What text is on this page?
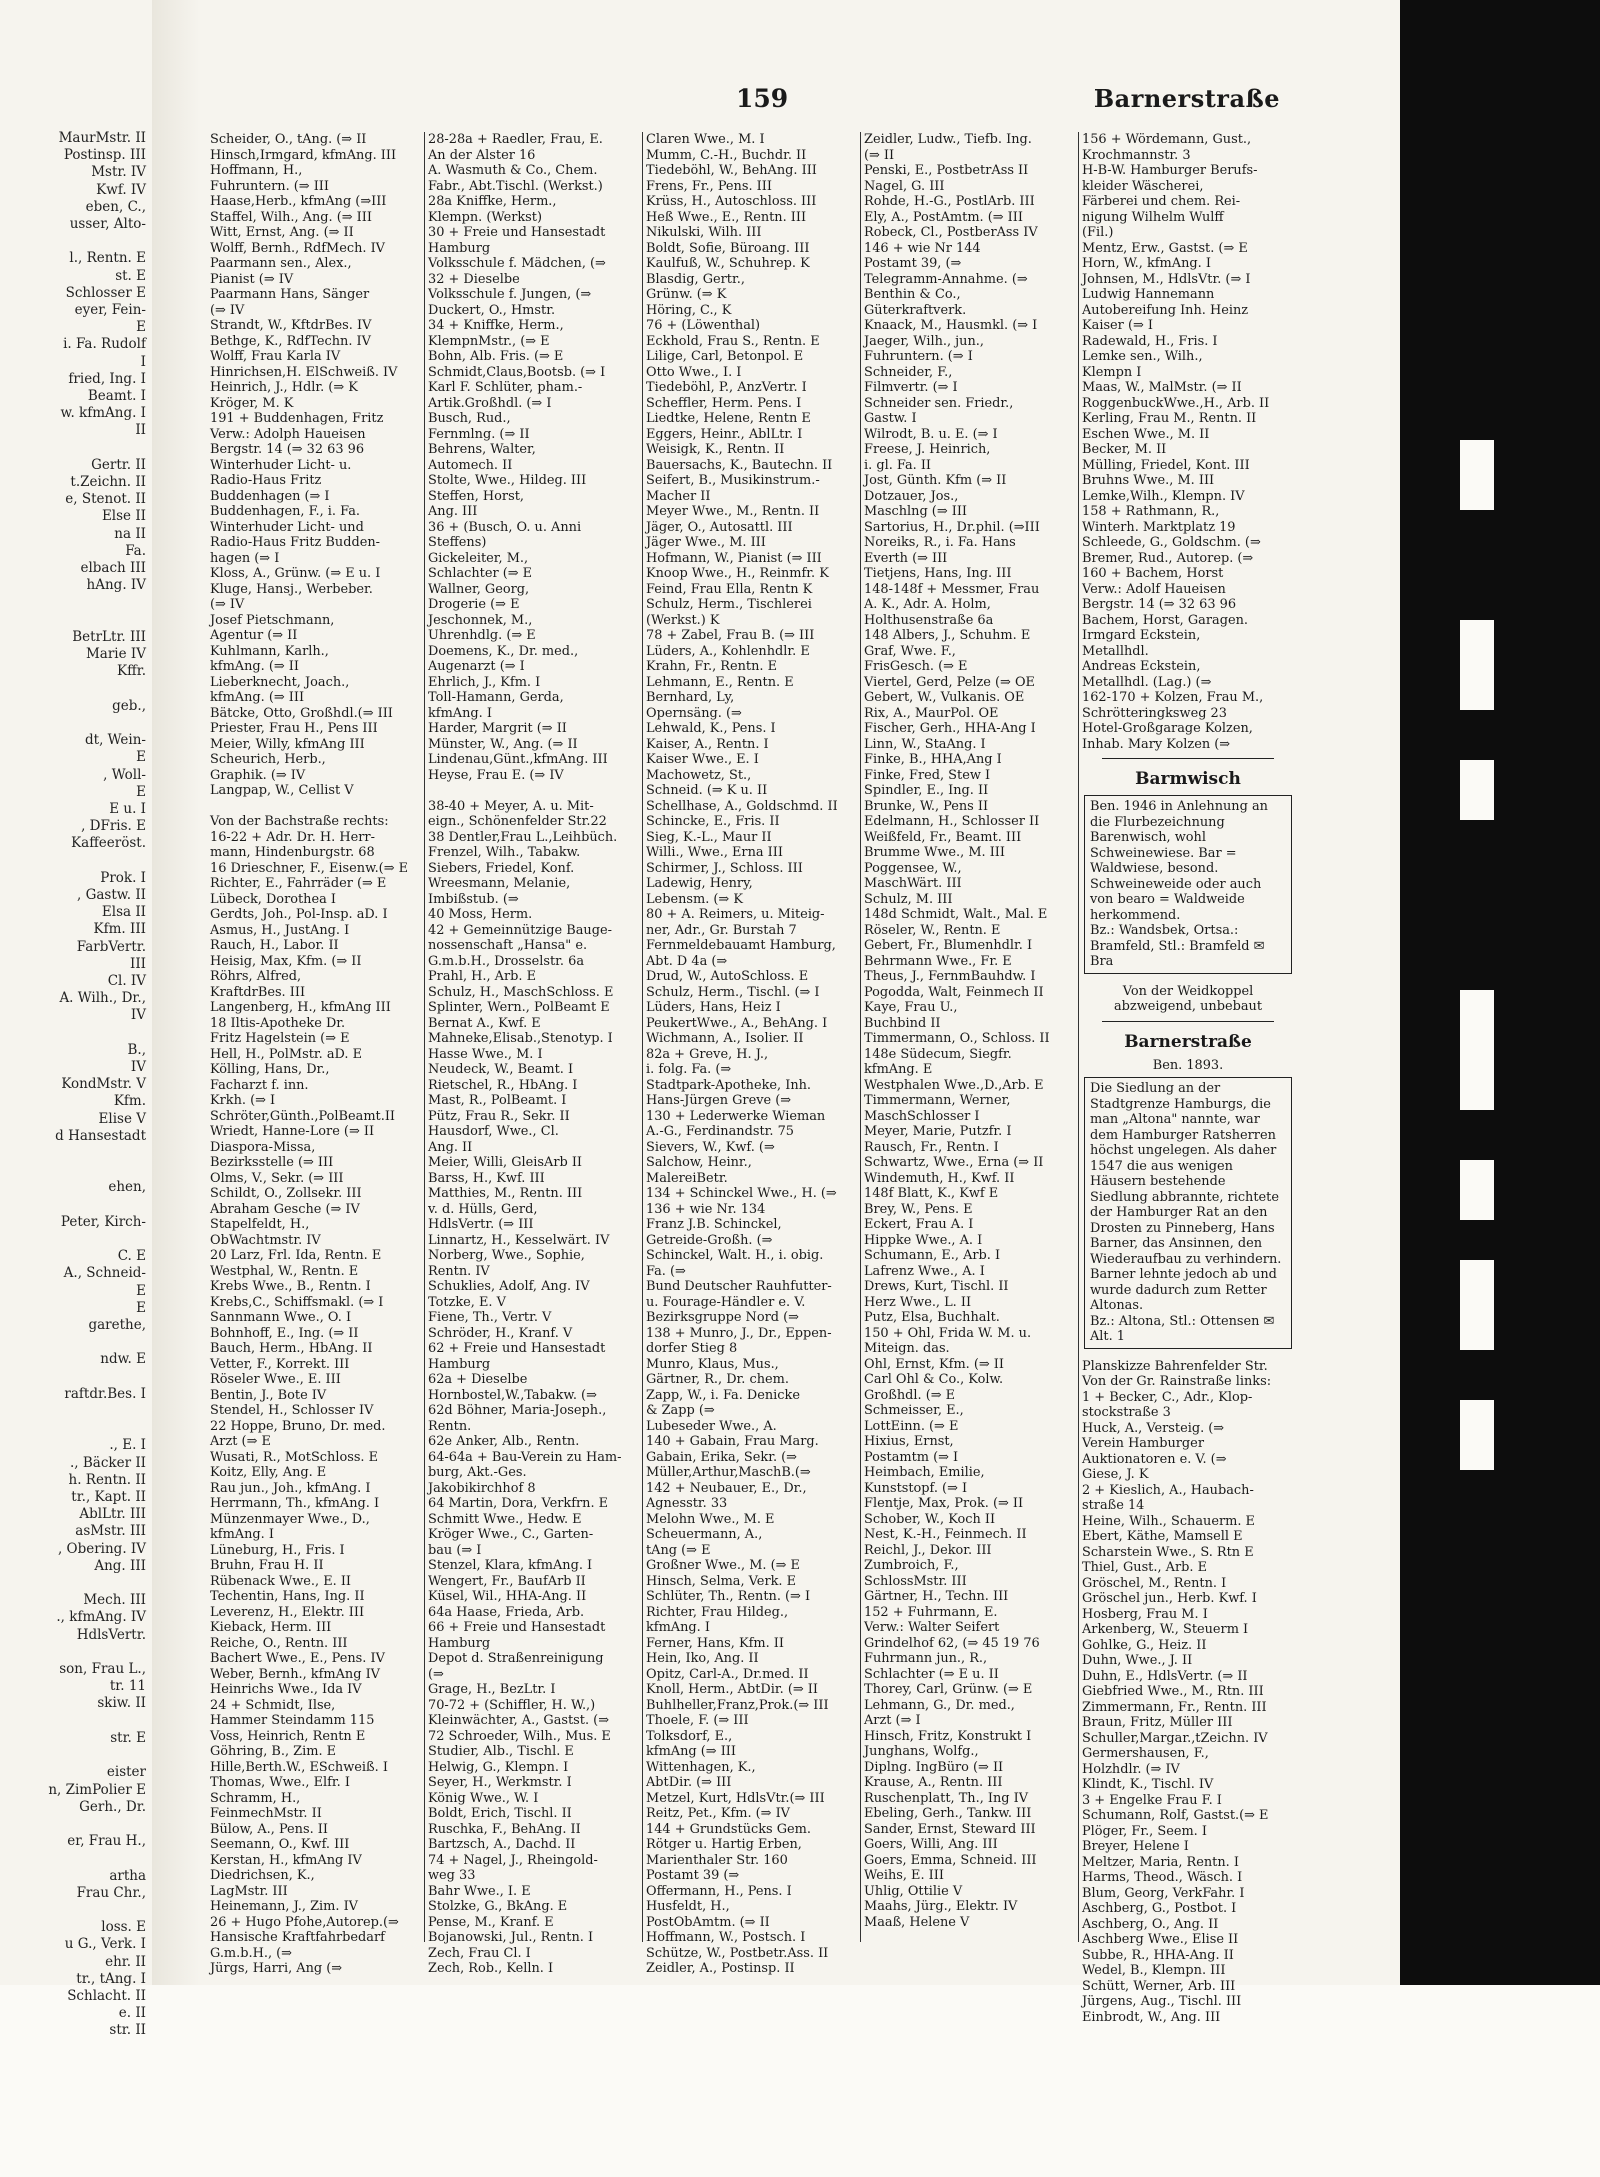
MaurMstr. II
Postinsp. III
Mstr. IV
Kwf. IV
eben, C.,
usser, Alto-

l., Rentn. E
st. E
Schlosser E
eyer, Fein-
E
i. Fa. Rudolf
I
fried, Ing. I
Beamt. I
w. kfmAng. I
II

Gertr. II
t.Zeichn. II
e, Stenot. II
Else II
na II
Fa.
elbach III
hAng. IV

BetrLtr. III
Marie IV
Kffr.

geb.,

dt, Wein-
E
, Woll-
E
E u. I
, DFris. E
Kaffeeröst.

Prok. I
, Gastw. II
Elsa II
Kfm. III
FarbVertr.
III
Cl. IV
A. Wilh., Dr.,
IV

B.,
IV
KondMstr. V
Kfm.
Elise V
d Hansestadt

ehen,

Peter, Kirch-

C. E
A., Schneid-
E
E
garethe,

ndw. E

raftdr.Bes. I

., E. I
., Bäcker II
h. Rentn. II
tr., Kapt. II
AblLtr. III
asMstr. III
, Obering. IV
Ang. III

Mech. III
., kfmAng. IV
HdlsVertr.

son, Frau L.,
tr. 11
skiw. II

str. E

eister
n, ZimPolier E
Gerh., Dr.

er, Frau H.,

artha
Frau Chr.,

loss. E
u G., Verk. I
ehr. II
tr., tAng. I
Schlacht. II
e. II
str. II
159	Barnerstraße
Scheider, O., tAng. (⇒ II
Hinsch,Irmgard, kfmAng. III
Hoffmann, H.,
Fuhruntern. (⇒ III
Haase,Herb., kfmAng (⇒III
Staffel, Wilh., Ang. (⇒ III
Witt, Ernst, Ang. (⇒ II
Wolff, Bernh., RdfMech. IV
Paarmann sen., Alex.,
Pianist (⇒ IV
Paarmann Hans, Sänger
(⇒ IV
Strandt, W., KftdrBes. IV
Bethge, K., RdfTechn. IV
Wolff, Frau Karla IV
Hinrichsen,H. ElSchweiß. IV
Heinrich, J., Hdlr. (⇒ K
Kröger, M. K
191 + Buddenhagen, Fritz
Verw.: Adolph Haueisen
Bergstr. 14 (⇒ 32 63 96
Winterhuder Licht- u.
Radio-Haus Fritz
Buddenhagen (⇒ I
Buddenhagen, F., i. Fa.
Winterhuder Licht- und
Radio-Haus Fritz Budden-
hagen (⇒ I
Kloss, A., Grünw. (⇒ E u. I
Kluge, Hansj., Werbeber.
(⇒ IV
Josef Pietschmann,
Agentur (⇒ II
Kuhlmann, Karlh.,
kfmAng. (⇒ II
Lieberknecht, Joach.,
kfmAng. (⇒ III
Bätcke, Otto, Großhdl.(⇒ III
Priester, Frau H., Pens III
Meier, Willy, kfmAng III
Scheurich, Herb.,
Graphik. (⇒ IV
Langpap, W., Cellist V

Von der Bachstraße rechts:
16-22 + Adr. Dr. H. Herr-
mann, Hindenburgstr. 68
16 Drieschner, F., Eisenw.(⇒ E
Richter, E., Fahrräder (⇒ E
Lübeck, Dorothea I
Gerdts, Joh., Pol-Insp. aD. I
Asmus, H., JustAng. I
Rauch, H., Labor. II
Heisig, Max, Kfm. (⇒ II
Röhrs, Alfred,
KraftdrBes. III
Langenberg, H., kfmAng III
18 Iltis-Apotheke Dr.
Fritz Hagelstein (⇒ E
Hell, H., PolMstr. aD. E
Kölling, Hans, Dr.,
Facharzt f. inn.
Krkh. (⇒ I
Schröter,Günth.,PolBeamt.II
Wriedt, Hanne-Lore (⇒ II
Diaspora-Missa,
Bezirksstelle (⇒ III
Olms, V., Sekr. (⇒ III
Schildt, O., Zollsekr. III
Abraham Gesche (⇒ IV
Stapelfeldt, H.,
ObWachtmstr. IV
20 Larz, Frl. Ida, Rentn. E
Westphal, W., Rentn. E
Krebs Wwe., B., Rentn. I
Krebs,C., Schiffsmakl. (⇒ I
Sannmann Wwe., O. I
Bohnhoff, E., Ing. (⇒ II
Bauch, Herm., HbAng. II
Vetter, F., Korrekt. III
Röseler Wwe., E. III
Bentin, J., Bote IV
Stendel, H., Schlosser IV
22 Hoppe, Bruno, Dr. med.
Arzt (⇒ E
Wusati, R., MotSchloss. E
Koitz, Elly, Ang. E
Rau jun., Joh., kfmAng. I
Herrmann, Th., kfmAng. I
Münzenmayer Wwe., D.,
kfmAng. I
Lüneburg, H., Fris. I
Bruhn, Frau H. II
Rübenack Wwe., E. II
Techentin, Hans, Ing. II
Leverenz, H., Elektr. III
Kieback, Herm. III
Reiche, O., Rentn. III
Bachert Wwe., E., Pens. IV
Weber, Bernh., kfmAng IV
Heinrichs Wwe., Ida IV
24 + Schmidt, Ilse,
Hammer Steindamm 115
Voss, Heinrich, Rentn E
Göhring, B., Zim. E
Hille,Berth.W., ESchweiß. I
Thomas, Wwe., Elfr. I
Schramm, H.,
FeinmechMstr. II
Bülow, A., Pens. II
Seemann, O., Kwf. III
Kerstan, H., kfmAng IV
Diedrichsen, K.,
LagMstr. III
Heinemann, J., Zim. IV
26 + Hugo Pfohe,Autorep.(⇒
Hansische Kraftfahrbedarf
G.m.b.H., (⇒
Jürgs, Harri, Ang (⇒
28-28a + Raedler, Frau, E.
An der Alster 16
A. Wasmuth & Co., Chem.
Fabr., Abt.Tischl. (Werkst.)
28a Kniffke, Herm.,
Klempn. (Werkst)
30 + Freie und Hansestadt
Hamburg
Volksschule f. Mädchen, (⇒
32 + Dieselbe
Volksschule f. Jungen, (⇒
Duckert, O., Hmstr.
34 + Kniffke, Herm.,
KlempnMstr., (⇒ E
Bohn, Alb. Fris. (⇒ E
Schmidt,Claus,Bootsb. (⇒ I
Karl F. Schlüter, pham.-
Artik.Großhdl. (⇒ I
Busch, Rud.,
Fernmlng. (⇒ II
Behrens, Walter,
Automech. II
Stolte, Wwe., Hildeg. III
Steffen, Horst,
Ang. III
36 + (Busch, O. u. Anni
Steffens)
Gickeleiter, M.,
Schlachter (⇒ E
Wallner, Georg,
Drogerie (⇒ E
Jeschonnek, M.,
Uhrenhdlg. (⇒ E
Doemens, K., Dr. med.,
Augenarzt (⇒ I
Ehrlich, J., Kfm. I
Toll-Hamann, Gerda,
kfmAng. I
Harder, Margrit (⇒ II
Münster, W., Ang. (⇒ II
Lindenau,Günt.,kfmAng. III
Heyse, Frau E. (⇒ IV

38-40 + Meyer, A. u. Mit-
eign., Schönenfelder Str.22
38 Dentler,Frau L.,Leihbüch.
Frenzel, Wilh., Tabakw.
Siebers, Friedel, Konf.
Wreesmann, Melanie,
Imbißstub. (⇒
40 Moss, Herm.
42 + Gemeinnützige Bauge-
nossenschaft „Hansa" e.
G.m.b.H., Drosselstr. 6a
Prahl, H., Arb. E
Schulz, H., MaschSchloss. E
Splinter, Wern., PolBeamt E
Bernat A., Kwf. E
Mahneke,Elisab.,Stenotyp. I
Hasse Wwe., M. I
Neudeck, W., Beamt. I
Rietschel, R., HbAng. I
Mast, R., PolBeamt. I
Pütz, Frau R., Sekr. II
Hausdorf, Wwe., Cl.
Ang. II
Meier, Willi, GleisArb II
Barss, H., Kwf. III
Matthies, M., Rentn. III
v. d. Hülls, Gerd,
HdlsVertr. (⇒ III
Linnartz, H., Kesselwärt. IV
Norberg, Wwe., Sophie,
Rentn. IV
Schuklies, Adolf, Ang. IV
Totzke, E. V
Fiene, Th., Vertr. V
Schröder, H., Kranf. V
62 + Freie und Hansestadt
Hamburg
62a + Dieselbe
Hornbostel,W.,Tabakw. (⇒
62d Böhner, Maria-Joseph.,
Rentn.
62e Anker, Alb., Rentn.
64-64a + Bau-Verein zu Ham-
burg, Akt.-Ges.
Jakobikirchhof 8
64 Martin, Dora, Verkfrn. E
Schmitt Wwe., Hedw. E
Kröger Wwe., C., Garten-
bau (⇒ I
Stenzel, Klara, kfmAng. I
Wengert, Fr., BaufArb II
Küsel, Wil., HHA-Ang. II
64a Haase, Frieda, Arb.
66 + Freie und Hansestadt
Hamburg
Depot d. Straßenreinigung
(⇒
Grage, H., BezLtr. I
70-72 + (Schiffler, H. W.,)
Kleinwächter, A., Gastst. (⇒
72 Schroeder, Wilh., Mus. E
Studier, Alb., Tischl. E
Helwig, G., Klempn. I
Seyer, H., Werkmstr. I
König Wwe., W. I
Boldt, Erich, Tischl. II
Ruschka, F., BehAng. II
Bartzsch, A., Dachd. II
74 + Nagel, J., Rheingold-
weg 33
Bahr Wwe., I. E
Stolzke, G., BkAng. E
Pense, M., Kranf. E
Bojanowski, Jul., Rentn. I
Zech, Frau Cl. I
Zech, Rob., Kelln. I
Claren Wwe., M. I
Mumm, C.-H., Buchdr. II
Tiedeböhl, W., BehAng. III
Frens, Fr., Pens. III
Krüss, H., Autoschloss. III
Heß Wwe., E., Rentn. III
Nikulski, Wilh. III
Boldt, Sofie, Büroang. III
Kaulfuß, W., Schuhrep. K
Blasdig, Gertr.,
Grünw. (⇒ K
Höring, C., K
76 + (Löwenthal)
Eckhold, Frau S., Rentn. E
Lilige, Carl, Betonpol. E
Otto Wwe., I. I
Tiedeböhl, P., AnzVertr. I
Scheffler, Herm. Pens. I
Liedtke, Helene, Rentn E
Eggers, Heinr., AblLtr. I
Weisigk, K., Rentn. II
Bauersachs, K., Bautechn. II
Seifert, B., Musikinstrum.-
Macher II
Meyer Wwe., M., Rentn. II
Jäger, O., Autosattl. III
Jäger Wwe., M. III
Hofmann, W., Pianist (⇒ III
Knoop Wwe., H., Reinmfr. K
Feind, Frau Ella, Rentn K
Schulz, Herm., Tischlerei
(Werkst.) K
78 + Zabel, Frau B. (⇒ III
Lüders, A., Kohlenhdlr. E
Krahn, Fr., Rentn. E
Lehmann, E., Rentn. E
Bernhard, Ly,
Opernsäng. (⇒
Lehwald, K., Pens. I
Kaiser, A., Rentn. I
Kaiser Wwe., E. I
Machowetz, St.,
Schneid. (⇒ K u. II
Schellhase, A., Goldschmd. II
Schincke, E., Fris. II
Sieg, K.-L., Maur II
Willi., Wwe., Erna III
Schirmer, J., Schloss. III
Ladewig, Henry,
Lebensm. (⇒ K
80 + A. Reimers, u. Miteig-
ner, Adr., Gr. Burstah 7
Fernmeldebauamt Hamburg,
Abt. D 4a (⇒
Drud, W., AutoSchloss. E
Schulz, Herm., Tischl. (⇒ I
Lüders, Hans, Heiz I
PeukertWwe., A., BehAng. I
Wichmann, A., Isolier. II
82a + Greve, H. J.,
i. folg. Fa. (⇒
Stadtpark-Apotheke, Inh.
Hans-Jürgen Greve (⇒
130 + Lederwerke Wieman
A.-G., Ferdinandstr. 75
Sievers, W., Kwf. (⇒
Salchow, Heinr.,
MalereiBetr.
134 + Schinckel Wwe., H. (⇒
136 + wie Nr. 134
Franz J.B. Schinckel,
Getreide-Großh. (⇒
Schinckel, Walt. H., i. obig.
Fa. (⇒
Bund Deutscher Rauhfutter-
u. Fourage-Händler e. V.
Bezirksgruppe Nord (⇒
138 + Munro, J., Dr., Eppen-
dorfer Stieg 8
Munro, Klaus, Mus.,
Gärtner, R., Dr. chem.
Zapp, W., i. Fa. Denicke
& Zapp (⇒
Lubeseder Wwe., A.
140 + Gabain, Frau Marg.
Gabain, Erika, Sekr. (⇒
Müller,Arthur,MaschB.(⇒
142 + Neubauer, E., Dr.,
Agnesstr. 33
Melohn Wwe., M. E
Scheuermann, A.,
tAng (⇒ E
Großner Wwe., M. (⇒ E
Hinsch, Selma, Verk. E
Schlüter, Th., Rentn. (⇒ I
Richter, Frau Hildeg.,
kfmAng. I
Ferner, Hans, Kfm. II
Hein, Iko, Ang. II
Opitz, Carl-A., Dr.med. II
Knoll, Herm., AbtDir. (⇒ II
Buhlheller,Franz,Prok.(⇒ III
Thoele, F. (⇒ III
Tolksdorf, E.,
kfmAng (⇒ III
Wittenhagen, K.,
AbtDir. (⇒ III
Metzel, Kurt, HdlsVtr.(⇒ III
Reitz, Pet., Kfm. (⇒ IV
144 + Grundstücks Gem.
Rötger u. Hartig Erben,
Marienthaler Str. 160
Postamt 39 (⇒
Offermann, H., Pens. I
Husfeldt, H.,
PostObAmtm. (⇒ II
Hoffmann, W., Postsch. I
Schütze, W., Postbetr.Ass. II
Zeidler, A., Postinsp. II
Zeidler, Ludw., Tiefb. Ing.
(⇒ II
Penski, E., PostbetrAss II
Nagel, G. III
Rohde, H.-G., PostlArb. III
Ely, A., PostAmtm. (⇒ III
Robeck, Cl., PostberAss IV
146 + wie Nr 144
Postamt 39, (⇒
Telegramm-Annahme. (⇒
Benthin & Co.,
Güterkraftverk.
Knaack, M., Hausmkl. (⇒ I
Jaeger, Wilh., jun.,
Fuhruntern. (⇒ I
Schneider, F.,
Filmvertr. (⇒ I
Schneider sen. Friedr.,
Gastw. I
Wilrodt, B. u. E. (⇒ I
Freese, J. Heinrich,
i. gl. Fa. II
Jost, Günth. Kfm (⇒ II
Dotzauer, Jos.,
Maschlng (⇒ III
Sartorius, H., Dr.phil. (⇒III
Noreiks, R., i. Fa. Hans
Everth (⇒ III
Tietjens, Hans, Ing. III
148-148f + Messmer, Frau
A. K., Adr. A. Holm,
Holthusenstraße 6a
148 Albers, J., Schuhm. E
Graf, Wwe. F.,
FrisGesch. (⇒ E
Viertel, Gerd, Pelze (⇒ OE
Gebert, W., Vulkanis. OE
Rix, A., MaurPol. OE
Fischer, Gerh., HHA-Ang I
Linn, W., StaAng. I
Finke, B., HHA,Ang I
Finke, Fred, Stew I
Spindler, E., Ing. II
Brunke, W., Pens II
Edelmann, H., Schlosser II
Weißfeld, Fr., Beamt. III
Brumme Wwe., M. III
Poggensee, W.,
MaschWärt. III
Schulz, M. III
148d Schmidt, Walt., Mal. E
Röseler, W., Rentn. E
Gebert, Fr., Blumenhdlr. I
Behrmann Wwe., Fr. E
Theus, J., FernmBauhdw. I
Pogodda, Walt, Feinmech II
Kaye, Frau U.,
Buchbind II
Timmermann, O., Schloss. II
148e Südecum, Siegfr.
kfmAng. E
Westphalen Wwe.,D.,Arb. E
Timmermann, Werner,
MaschSchlosser I
Meyer, Marie, Putzfr. I
Rausch, Fr., Rentn. I
Schwartz, Wwe., Erna (⇒ II
Windemuth, H., Kwf. II
148f Blatt, K., Kwf E
Brey, W., Pens. E
Eckert, Frau A. I
Hippke Wwe., A. I
Schumann, E., Arb. I
Lafrenz Wwe., A. I
Drews, Kurt, Tischl. II
Herz Wwe., L. II
Putz, Elsa, Buchhalt.
150 + Ohl, Frida W. M. u.
Miteign. das.
Ohl, Ernst, Kfm. (⇒ II
Carl Ohl & Co., Kolw.
Großhdl. (⇒ E
Schmeisser, E.,
LottEinn. (⇒ E
Hixius, Ernst,
Postamtm (⇒ I
Heimbach, Emilie,
Kunststopf. (⇒ I
Flentje, Max, Prok. (⇒ II
Schober, W., Koch II
Nest, K.-H., Feinmech. II
Reichl, J., Dekor. III
Zumbroich, F.,
SchlossMstr. III
Gärtner, H., Techn. III
152 + Fuhrmann, E.
Verw.: Walter Seifert
Grindelhof 62, (⇒ 45 19 76
Fuhrmann jun., R.,
Schlachter (⇒ E u. II
Thorey, Carl, Grünw. (⇒ E
Lehmann, G., Dr. med.,
Arzt (⇒ I
Hinsch, Fritz, Konstrukt I
Junghans, Wolfg.,
Diplng. IngBüro (⇒ II
Krause, A., Rentn. III
Ruschenplatt, Th., Ing IV
Ebeling, Gerh., Tankw. III
Sander, Ernst, Steward III
Goers, Willi, Ang. III
Goers, Emma, Schneid. III
Weihs, E. III
Uhlig, Ottilie V
Maahs, Jürg., Elektr. IV
Maaß, Helene V
156 + Wördemann, Gust.,
Krochmannstr. 3
H-B-W. Hamburger Berufs-
kleider Wäscherei,
Färberei und chem. Rei-
nigung Wilhelm Wulff
(Fil.)
Mentz, Erw., Gastst. (⇒ E
Horn, W., kfmAng. I
Johnsen, M., HdlsVtr. (⇒ I
Ludwig Hannemann
Autobereifung Inh. Heinz
Kaiser (⇒ I
Radewald, H., Fris. I
Lemke sen., Wilh.,
Klempn I
Maas, W., MalMstr. (⇒ II
RoggenbuckWwe.,H., Arb. II
Kerling, Frau M., Rentn. II
Eschen Wwe., M. II
Becker, M. II
Mülling, Friedel, Kont. III
Bruhns Wwe., M. III
Lemke,Wilh., Klempn. IV
158 + Rathmann, R.,
Winterh. Marktplatz 19
Schleede, G., Goldschm. (⇒
Bremer, Rud., Autorep. (⇒
160 + Bachem, Horst
Verw.: Adolf Haueisen
Bergstr. 14 (⇒ 32 63 96
Bachem, Horst, Garagen.
Irmgard Eckstein,
Metallhdl.
Andreas Eckstein,
Metallhdl. (Lag.) (⇒
162-170 + Kolzen, Frau M.,
Schrötteringksweg 23
Hotel-Großgarage Kolzen,
Inhab. Mary Kolzen (⇒
Barmwisch
Ben. 1946 in Anlehnung an die Flurbezeichnung Barenwisch, wohl Schweinewiese. Bar = Waldwiese, besond. Schweineweide oder auch von bearo = Waldweide herkommend.
Bz.: Wandsbek, Ortsa.: Bramfeld, Stl.: Bramfeld ✉ Bra
Von der Weidkoppel
abzweigend, unbebaut
Barnerstraße
Ben. 1893.
Die Siedlung an der Stadtgrenze Hamburgs, die man „Altona" nannte, war dem Hamburger Ratsherren höchst ungelegen. Als daher 1547 die aus wenigen Häusern bestehende Siedlung abbrannte, richtete der Hamburger Rat an den Drosten zu Pinneberg, Hans Barner, das Ansinnen, den Wiederaufbau zu verhindern. Barner lehnte jedoch ab und wurde dadurch zum Retter Altonas.
Bz.: Altona, Stl.: Ottensen ✉ Alt. 1
Planskizze Bahrenfelder Str.
Von der Gr. Rainstraße links:
1 + Becker, C., Adr., Klop-
stockstraße 3
Huck, A., Versteig. (⇒
Verein Hamburger
Auktionatoren e. V. (⇒
Giese, J. K
2 + Kieslich, A., Haubach-
straße 14
Heine, Wilh., Schauerm. E
Ebert, Käthe, Mamsell E
Scharstein Wwe., S. Rtn E
Thiel, Gust., Arb. E
Gröschel, M., Rentn. I
Gröschel jun., Herb. Kwf. I
Hosberg, Frau M. I
Arkenberg, W., Steuerm I
Gohlke, G., Heiz. II
Duhn, Wwe., J. II
Duhn, E., HdlsVertr. (⇒ II
Giebfried Wwe., M., Rtn. III
Zimmermann, Fr., Rentn. III
Braun, Fritz, Müller III
Schuller,Margar.,tZeichn. IV
Germershausen, F.,
Holzhdlr. (⇒ IV
Klindt, K., Tischl. IV
3 + Engelke Frau F. I
Schumann, Rolf, Gastst.(⇒ E
Plöger, Fr., Seem. I
Breyer, Helene I
Meltzer, Maria, Rentn. I
Harms, Theod., Wäsch. I
Blum, Georg, VerkFahr. I
Aschberg, G., Postbot. I
Aschberg, O., Ang. II
Aschberg Wwe., Elise II
Subbe, R., HHA-Ang. II
Wedel, B., Klempn. III
Schütt, Werner, Arb. III
Jürgens, Aug., Tischl. III
Einbrodt, W., Ang. III
